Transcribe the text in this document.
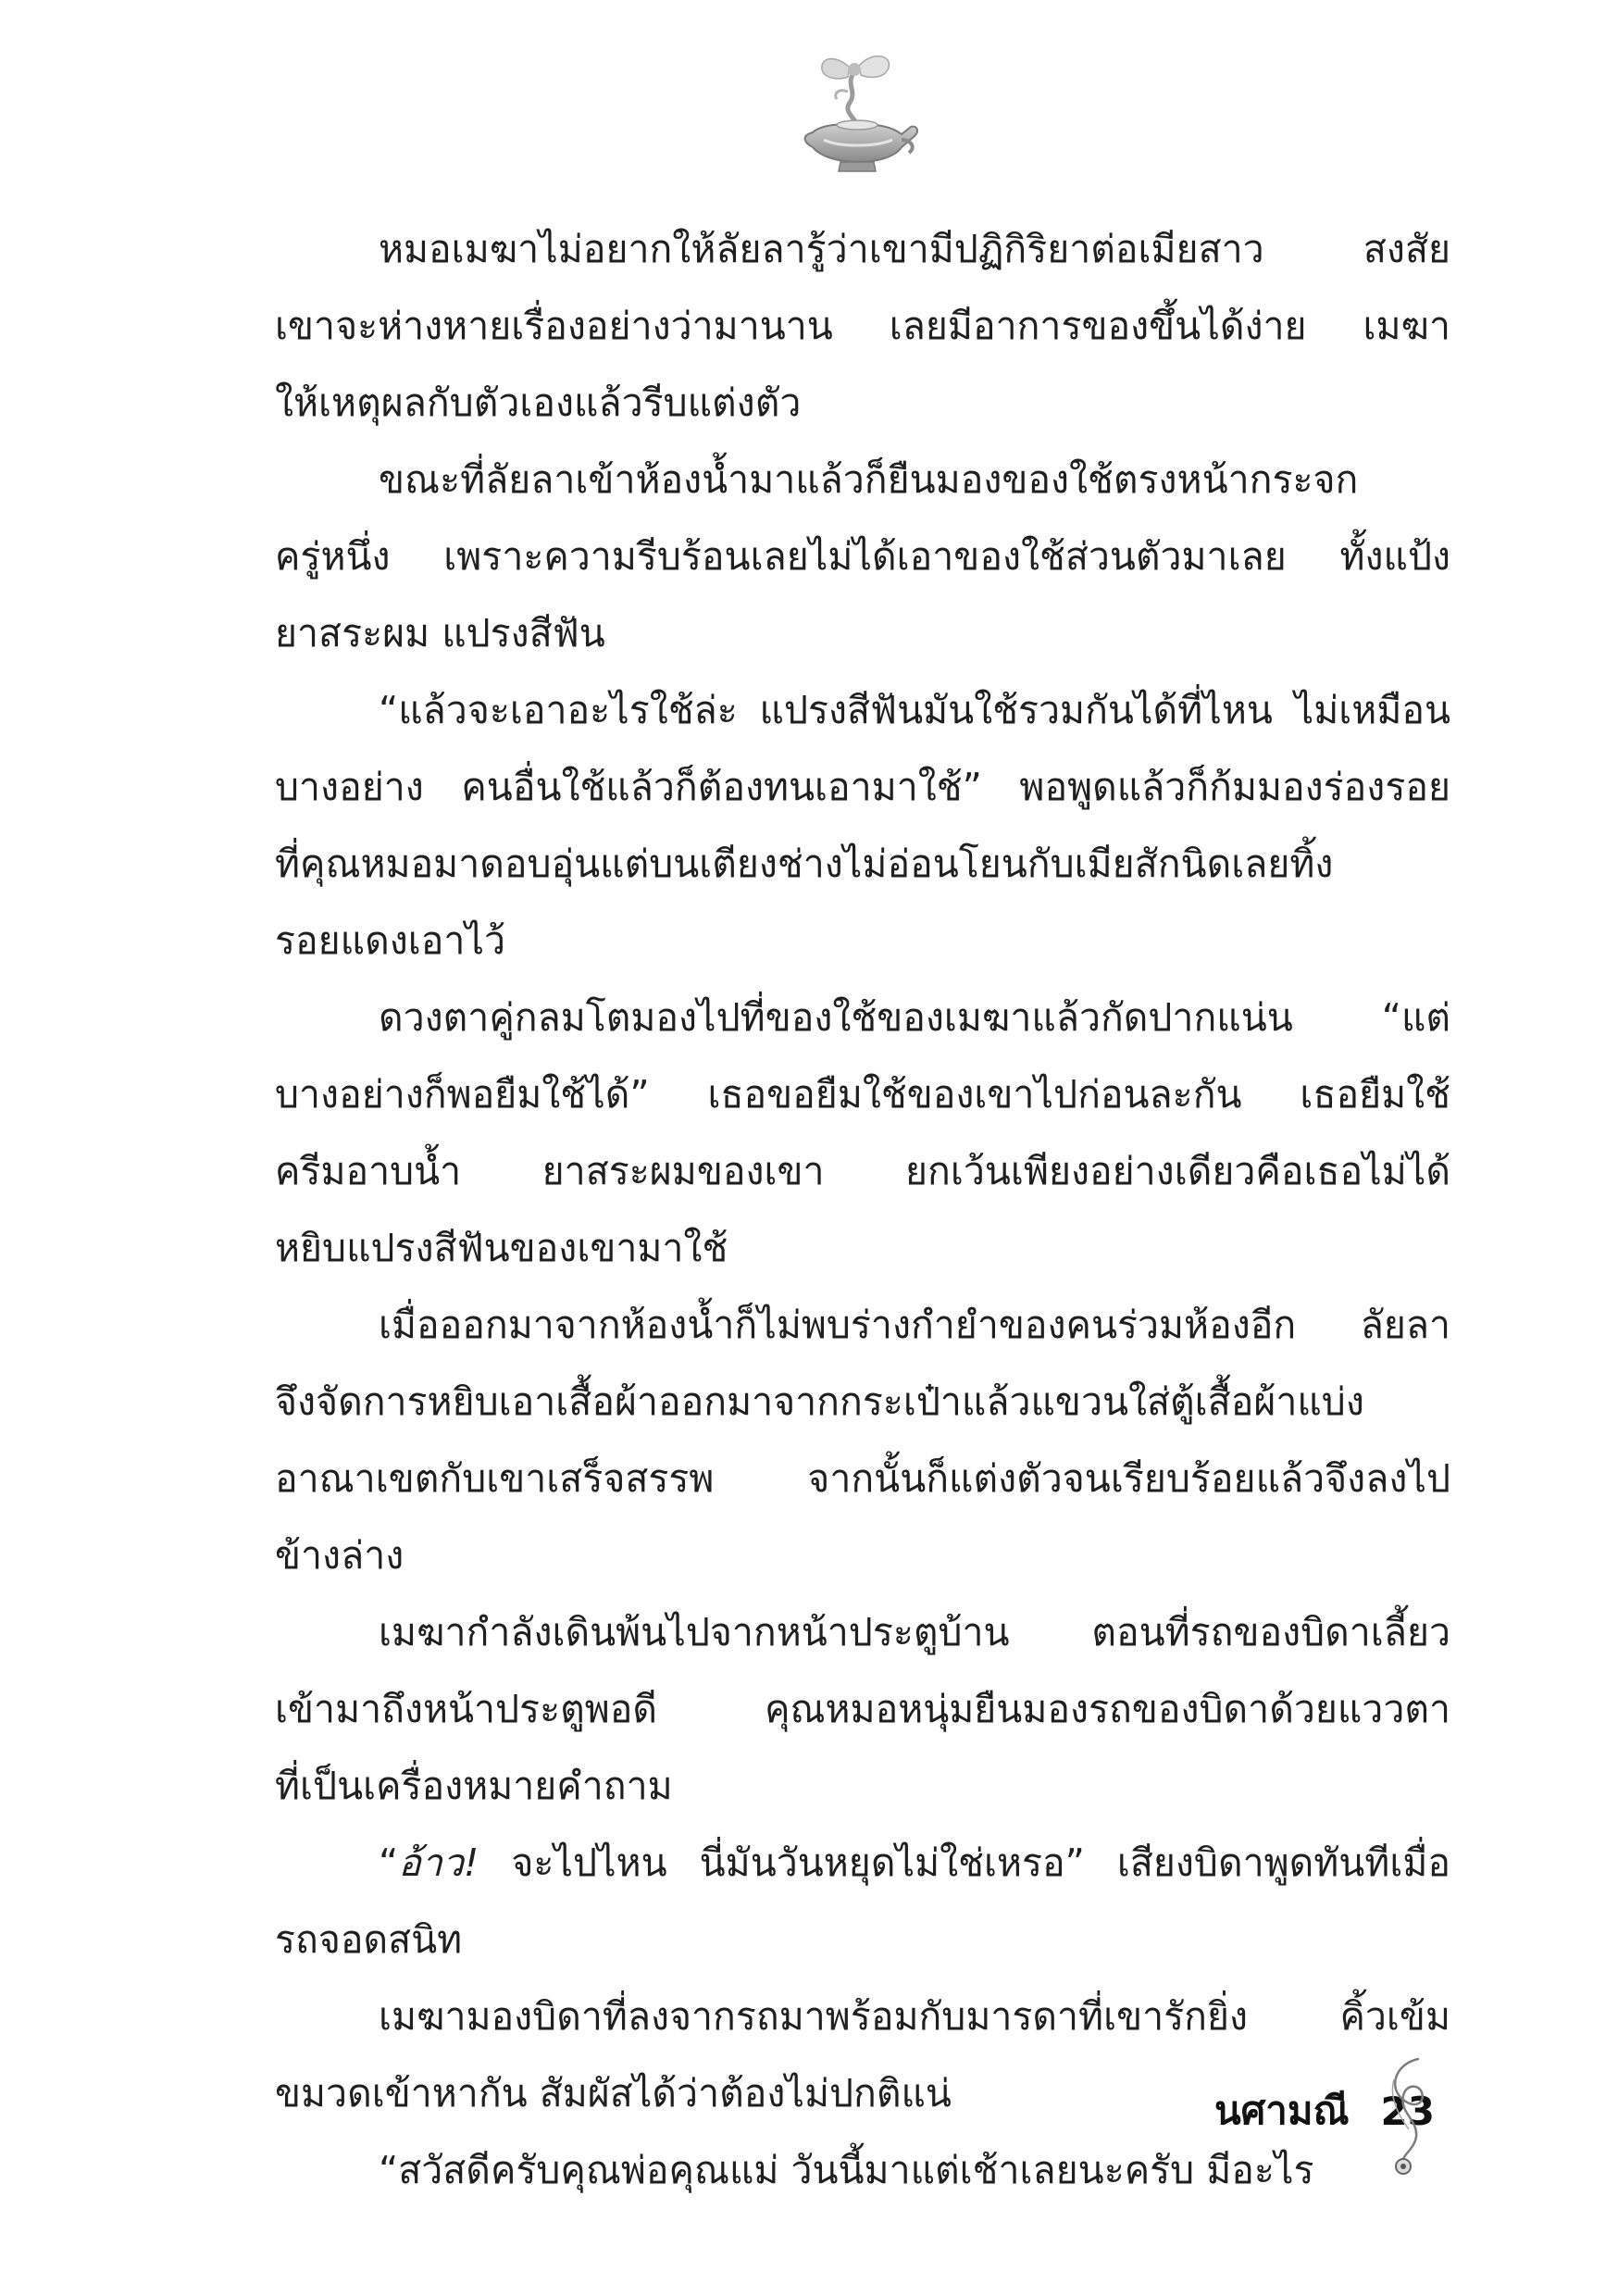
หมอเมฆาไม่อยากให้ลัยลารู้ว่าเขามีปฏิกิริยาต่อเมียสาว สงสัย
เขาจะห่างหายเรื่องอย่างว่ามานาน เลยมีอาการของขึ้นได้ง่าย เมฆา
ให้เหตุผลกับตัวเองแล้วรีบแต่งตัว

ขณะที่ลัยลาเข้าห้องน้ำมาแล้วก็ยืนมองของใช้ตรงหน้ากระจก
ครู่หนึ่ง เพราะความรีบร้อนเลยไม่ได้เอาของใช้ส่วนตัวมาเลย ทั้งแป้ง
ยาสระผม แปรงสีฟัน

“แล้วจะเอาอะไรใช้ล่ะ แปรงสีฟันมันใช้รวมกันได้ที่ไหน ไม่เหมือน
บางอย่าง คนอื่นใช้แล้วก็ต้องทนเอามาใช้” พอพูดแล้วก็ก้มมองร่องรอย
ที่คุณหมอมาดอบอุ่นแต่บนเตียงช่างไม่อ่อนโยนกับเมียสักนิดเลยทิ้ง
รอยแดงเอาไว้

ดวงตาคู่กลมโตมองไปที่ของใช้ของเมฆาแล้วกัดปากแน่น “แต่
บางอย่างก็พอยืมใช้ได้” เธอขอยืมใช้ของเขาไปก่อนละกัน เธอยืมใช้
ครีมอาบน้ำ ยาสระผมของเขา ยกเว้นเพียงอย่างเดียวคือเธอไม่ได้
หยิบแปรงสีฟันของเขามาใช้

เมื่อออกมาจากห้องน้ำก็ไม่พบร่างกำยำของคนร่วมห้องอีก ลัยลา
จึงจัดการหยิบเอาเสื้อผ้าออกมาจากกระเป๋าแล้วแขวนใส่ตู้เสื้อผ้าแบ่ง
อาณาเขตกับเขาเสร็จสรรพ จากนั้นก็แต่งตัวจนเรียบร้อยแล้วจึงลงไป
ข้างล่าง

เมฆากำลังเดินพ้นไปจากหน้าประตูบ้าน ตอนที่รถของบิดาเลี้ยว
เข้ามาถึงหน้าประตูพอดี คุณหมอหนุ่มยืนมองรถของบิดาด้วยแววตา
ที่เป็นเครื่องหมายคำถาม

“อ้าว! จะไปไหน นี่มันวันหยุดไม่ใช่เหรอ” เสียงบิดาพูดทันทีเมื่อ
รถจอดสนิท

เมฆามองบิดาที่ลงจากรถมาพร้อมกับมารดาที่เขารักยิ่ง คิ้วเข้ม
ขมวดเข้าหากัน สัมผัสได้ว่าต้องไม่ปกติแน่

“สวัสดีครับคุณพ่อคุณแม่ วันนี้มาแต่เช้าเลยนะครับ มีอะไร

นศามณี 23
